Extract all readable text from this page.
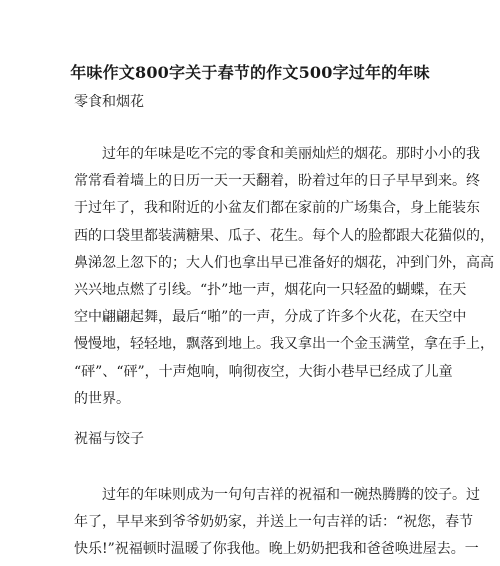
年味作文800字关于春节的作文500字过年的年味
零食和烟花
　　过年的年味是吃不完的零食和美丽灿烂的烟花。那时小小的我
常常看着墙上的日历一天一天翻着，盼着过年的日子早早到来。终
于过年了，我和附近的小盆友们都在家前的广场集合，身上能装东
西的口袋里都装满糖果、瓜子、花生。每个人的脸都跟大花猫似的，
鼻涕忽上忽下的；大人们也拿出早已准备好的烟花，冲到门外，高高
兴兴地点燃了引线。“扑”地一声，烟花向一只轻盈的蝴蝶，在天
空中翩翩起舞，最后“啪”的一声，分成了许多个火花，在天空中
慢慢地，轻轻地，飘落到地上。我又拿出一个金玉满堂，拿在手上，
“砰”、“砰”，十声炮响，响彻夜空，大街小巷早已经成了儿童
的世界。
祝福与饺子
　　过年的年味则成为一句句吉祥的祝福和一碗热腾腾的饺子。过
年了，早早来到爷爷奶奶家，并送上一句吉祥的话：“祝您，春节
快乐!”祝福顿时温暖了你我他。晚上奶奶把我和爸爸唤进屋去。一
